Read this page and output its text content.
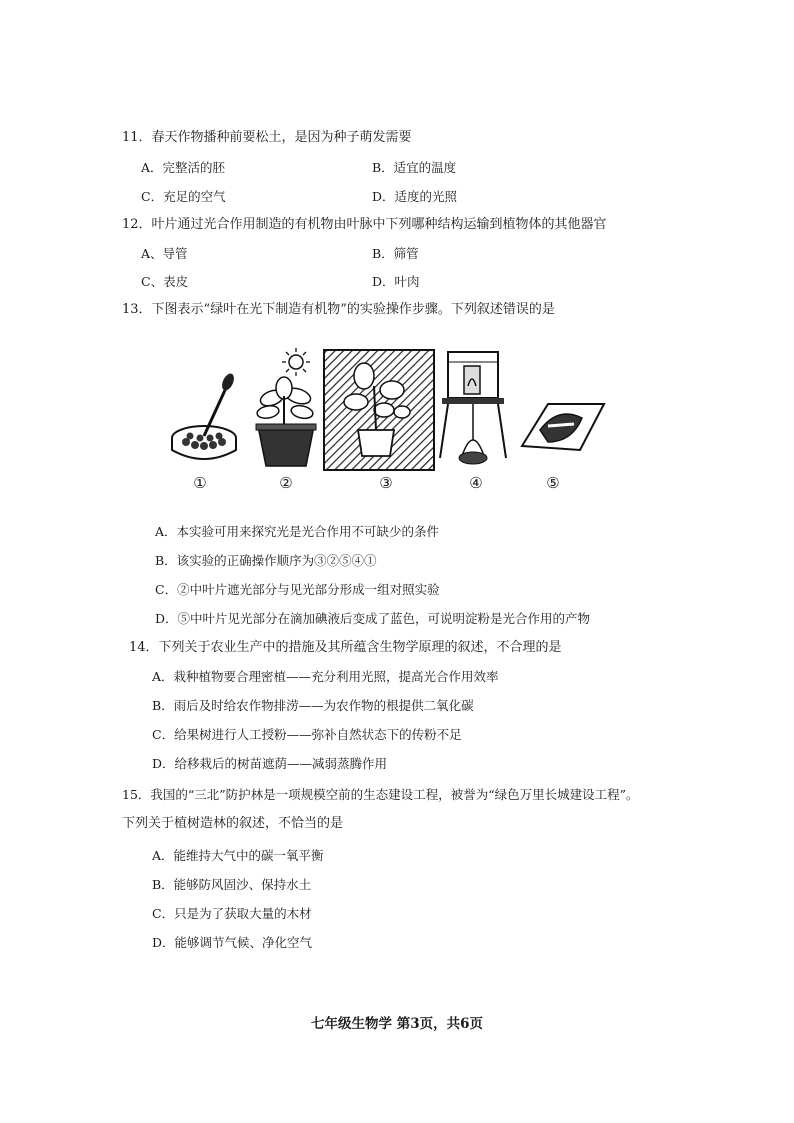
11．春天作物播种前要松土，是因为种子萌发需要
A．完整活的胚	B．适宜的温度
C．充足的空气	D．适度的光照
12．叶片通过光合作用制造的有机物由叶脉中下列哪种结构运输到植物体的其他器官
A、导管	B．筛管
C、表皮	D．叶肉
13．下图表示“绿叶在光下制造有机物”的实验操作步骤。下列叙述错误的是
①	②	③	④	⑤
A．本实验可用来探究光是光合作用不可缺少的条件
B．该实验的正确操作顺序为③②⑤④①
C．②中叶片遮光部分与见光部分形成一组对照实验
D．⑤中叶片见光部分在滴加碘液后变成了蓝色，可说明淀粉是光合作用的产物
14．下列关于农业生产中的措施及其所蕴含生物学原理的叙述，不合理的是
A．栽种植物要合理密植——充分利用光照，提高光合作用效率
B．雨后及时给农作物排涝——为农作物的根提供二氧化碳
C．给果树进行人工授粉——弥补自然状态下的传粉不足
D．给移栽后的树苗遮荫——减弱蒸腾作用
15．我国的“三北”防护林是一项规模空前的生态建设工程，被誉为“绿色万里长城建设工程”。
下列关于植树造林的叙述，不恰当的是
A．能维持大气中的碳一氧平衡
B．能够防风固沙、保持水土
C．只是为了获取大量的木材
D．能够调节气候、净化空气
七年级生物学 第3页，共6页
